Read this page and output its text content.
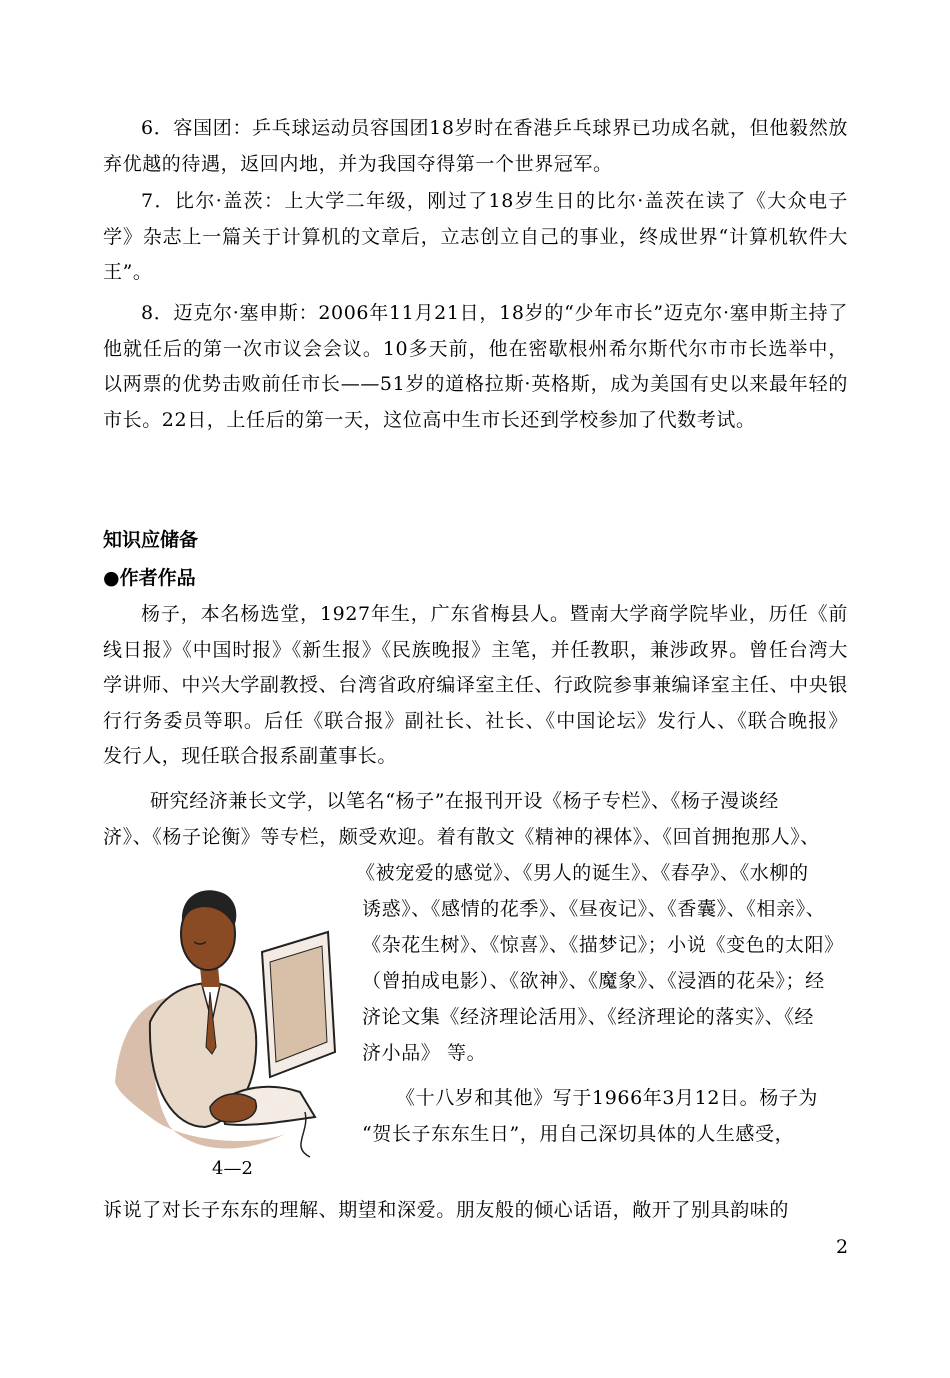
6．容国团：乒乓球运动员容国团18岁时在香港乒乓球界已功成名就，但他毅然放弃优越的待遇，返回内地，并为我国夺得第一个世界冠军。
7．比尔·盖茨：上大学二年级，刚过了18岁生日的比尔·盖茨在读了《大众电子学》杂志上一篇关于计算机的文章后，立志创立自己的事业，终成世界“计算机软件大王”。
8．迈克尔·塞申斯：2006年11月21日，18岁的“少年市长”迈克尔·塞申斯主持了他就任后的第一次市议会会议。10多天前，他在密歇根州希尔斯代尔市市长选举中，以两票的优势击败前任市长——51岁的道格拉斯·英格斯，成为美国有史以来最年轻的市长。22日，上任后的第一天，这位高中生市长还到学校参加了代数考试。
知识应储备
●作者作品
杨子，本名杨选堂，1927年生，广东省梅县人。暨南大学商学院毕业，历任《前线日报》《中国时报》《新生报》《民族晚报》主笔，并任教职，兼涉政界。曾任台湾大学讲师、中兴大学副教授、台湾省政府编译室主任、行政院参事兼编译室主任、中央银行行务委员等职。后任《联合报》副社长、社长、《中国论坛》发行人、《联合晚报》发行人，现任联合报系副董事长。
研究经济兼长文学，以笔名“杨子”在报刊开设《杨子专栏》、《杨子漫谈经
济》、《杨子论衡》等专栏，颇受欢迎。着有散文《精神的裸体》、《回首拥抱那人》、
《被宠爱的感觉》、《男人的诞生》、《春孕》、《水柳的
诱惑》、《感情的花季》、《昼夜记》、《香囊》、《相亲》、
《杂花生树》、《惊喜》、《描梦记》；小说《变色的太阳》
（曾拍成电影）、《欲神》、《魔象》、《浸酒的花朵》；经
济论文集《经济理论活用》、《经济理论的落实》、《经
济小品》 等。
《十八岁和其他》写于1966年3月12日。杨子为
“贺长子东东生日”，用自己深切具体的人生感受，
诉说了对长子东东的理解、期望和深爱。朋友般的倾心话语，敞开了别具韵味的
4—2
2
